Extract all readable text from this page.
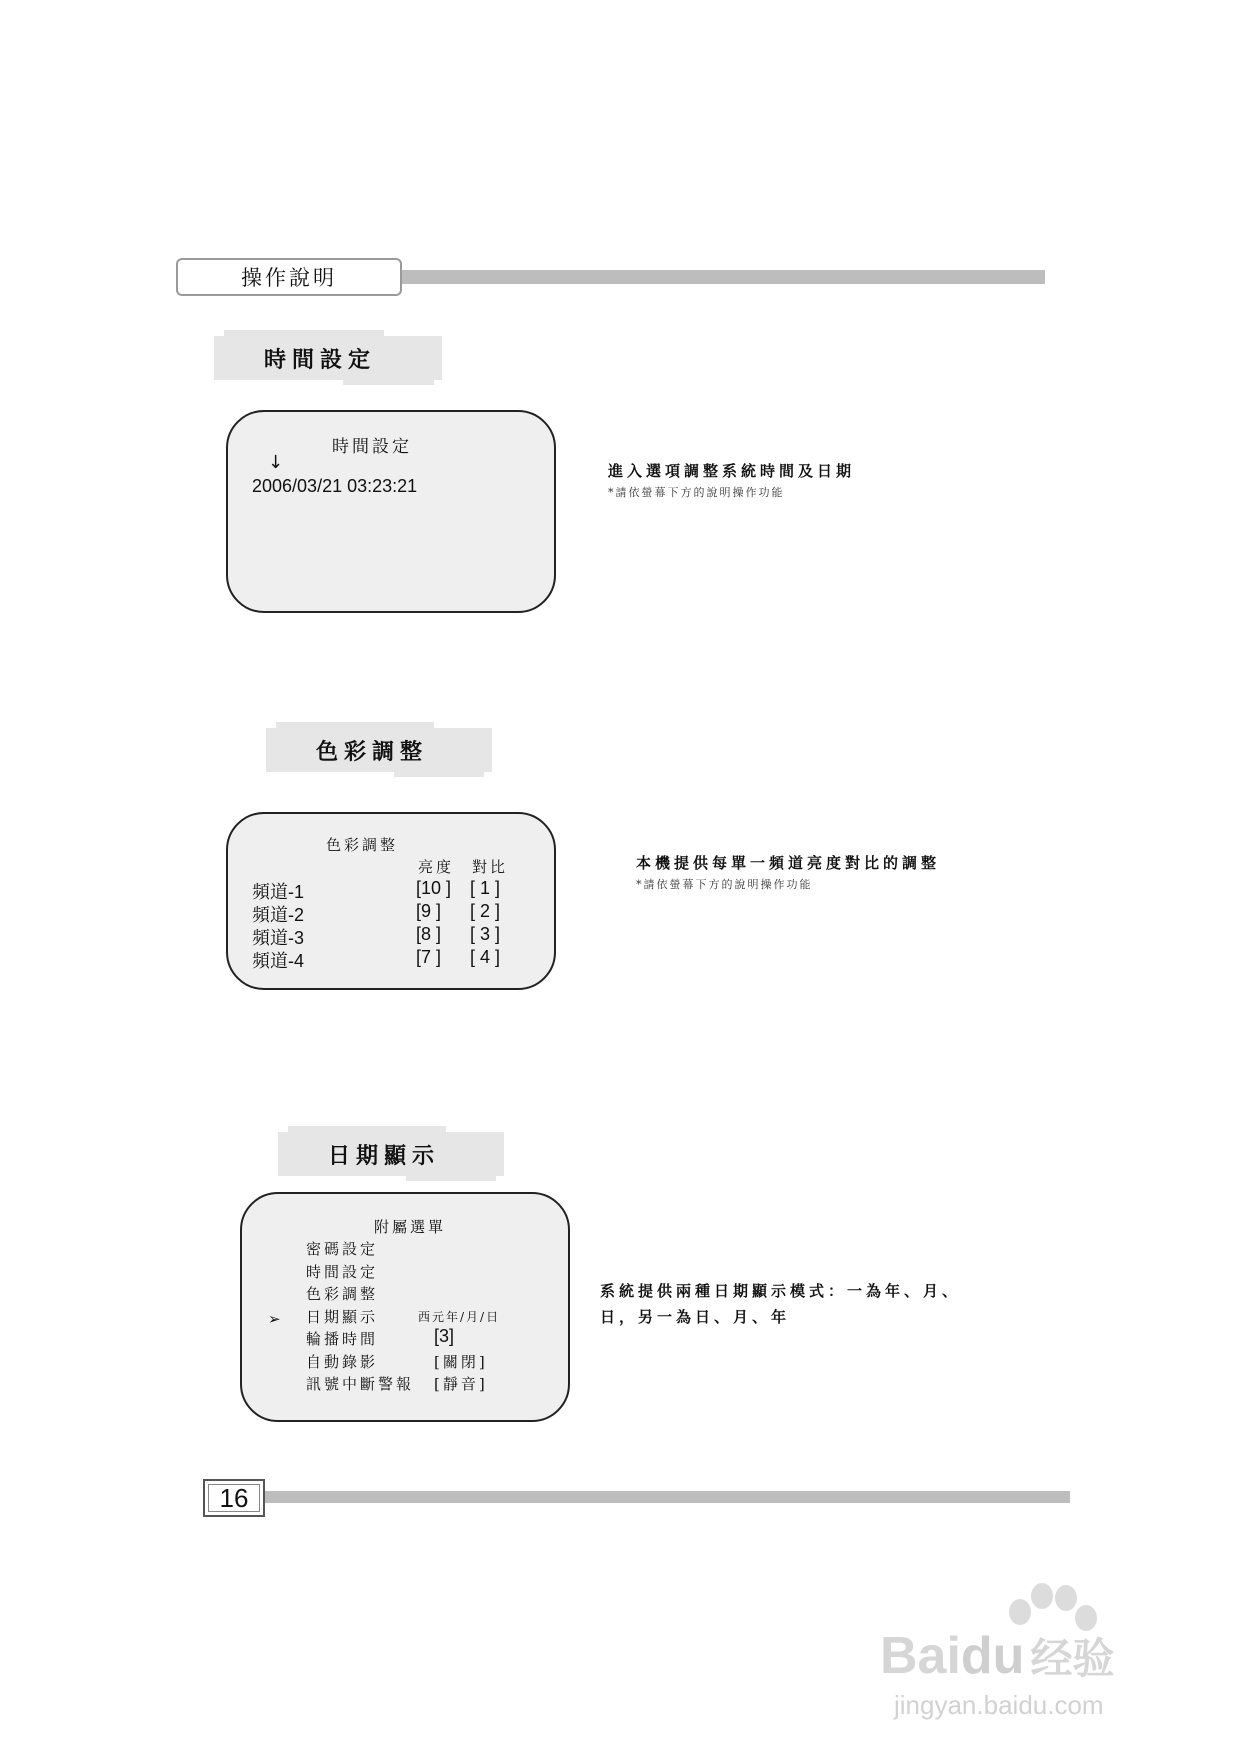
操作說明
時間設定
時間設定
↓
2006/03/21 03:23:21
進入選項調整系統時間及日期
*請依螢幕下方的說明操作功能
色彩調整
色彩調整
亮度 對比
頻道-1	[10 ] [ 1 ]
頻道-2	[9 ] [ 2 ]
頻道-3	[8 ] [ 3 ]
頻道-4	[7 ] [ 4 ]
本機提供每單一頻道亮度對比的調整
*請依螢幕下方的說明操作功能
日期顯示
附屬選單
➢
密碼設定
時間設定
色彩調整
日期顯示	西元年/月/日
輪播時間	[3]
自動錄影	[關閉]
訊號中斷警報 [靜音]
系統提供兩種日期顯示模式：一為年、月、
日，另一為日、月、年
16
Baidu 经验
jingyan.baidu.com
